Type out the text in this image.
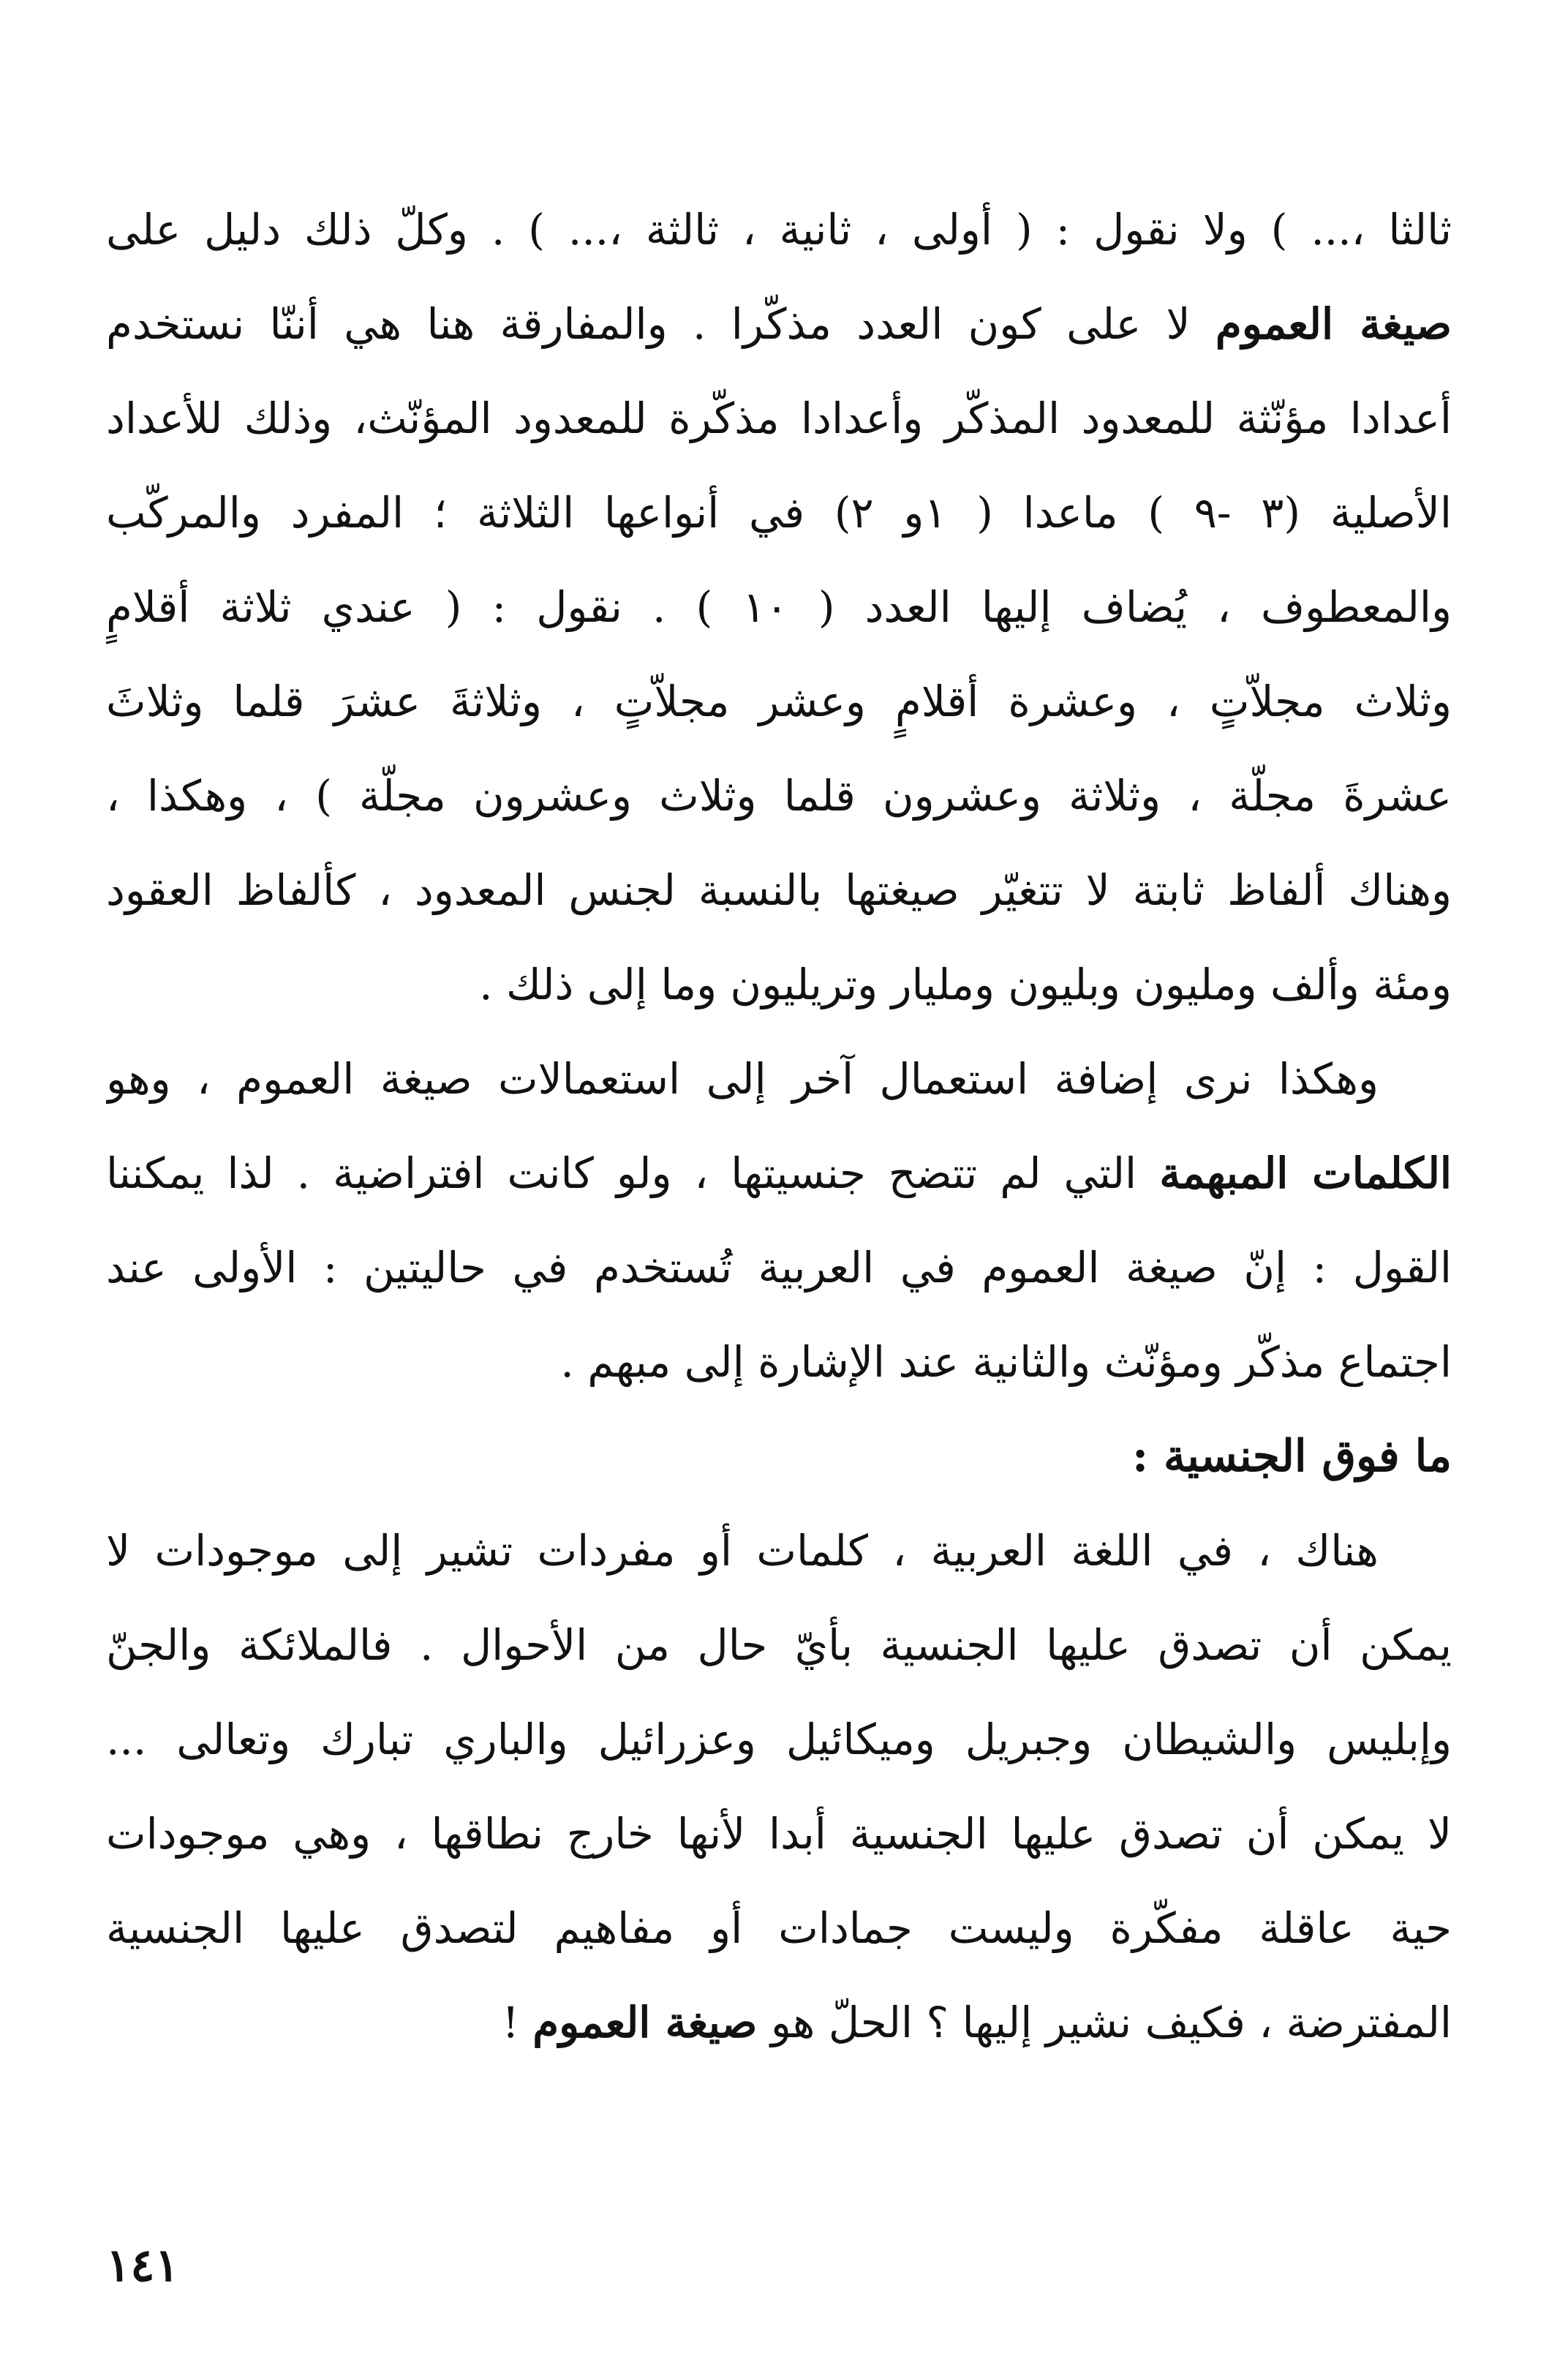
ثالثا ،... ) ولا نقول : ( أولى ، ثانية ، ثالثة ،... ) . وكلّ ذلك دليل على
صيغة العموم لا على كون العدد مذكّرا . والمفارقة هنا هي أننّا نستخدم
أعدادا مؤنّثة للمعدود المذكّر وأعدادا مذكّرة للمعدود المؤنّث، وذلك للأعداد
الأصلية (٣ -٩ ) ماعدا ( ١و ٢) في أنواعها الثلاثة ؛ المفرد والمركّب
والمعطوف ، يُضاف إليها العدد ( ١٠ ) . نقول : ( عندي ثلاثة أقلامٍ
وثلاث مجلاّتٍ ، وعشرة أقلامٍ وعشر مجلاّتٍ ، وثلاثةَ عشرَ قلما وثلاثَ
عشرةَ مجلّة ، وثلاثة وعشرون قلما وثلاث وعشرون مجلّة ) ، وهكذا ،
وهناك ألفاظ ثابتة لا تتغيّر صيغتها بالنسبة لجنس المعدود ، كألفاظ العقود
ومئة وألف ومليون وبليون ومليار وتريليون وما إلى ذلك .
وهكذا نرى إضافة استعمال آخر إلى استعمالات صيغة العموم ، وهو
الكلمات المبهمة التي لم تتضح جنسيتها ، ولو كانت افتراضية . لذا يمكننا
القول : إنّ صيغة العموم في العربية تُستخدم في حاليتين : الأولى عند
اجتماع مذكّر ومؤنّث والثانية عند الإشارة إلى مبهم .
ما فوق الجنسية :
هناك ، في اللغة العربية ، كلمات أو مفردات تشير إلى موجودات لا
يمكن أن تصدق عليها الجنسية بأيّ حال من الأحوال . فالملائكة والجنّ
وإبليس والشيطان وجبريل وميكائيل وعزرائيل والباري تبارك وتعالى ...
لا يمكن أن تصدق عليها الجنسية أبدا لأنها خارج نطاقها ، وهي موجودات
حية عاقلة مفكّرة وليست جمادات أو مفاهيم لتصدق عليها الجنسية
المفترضة ، فكيف نشير إليها ؟ الحلّ هو صيغة العموم !
١٤١
